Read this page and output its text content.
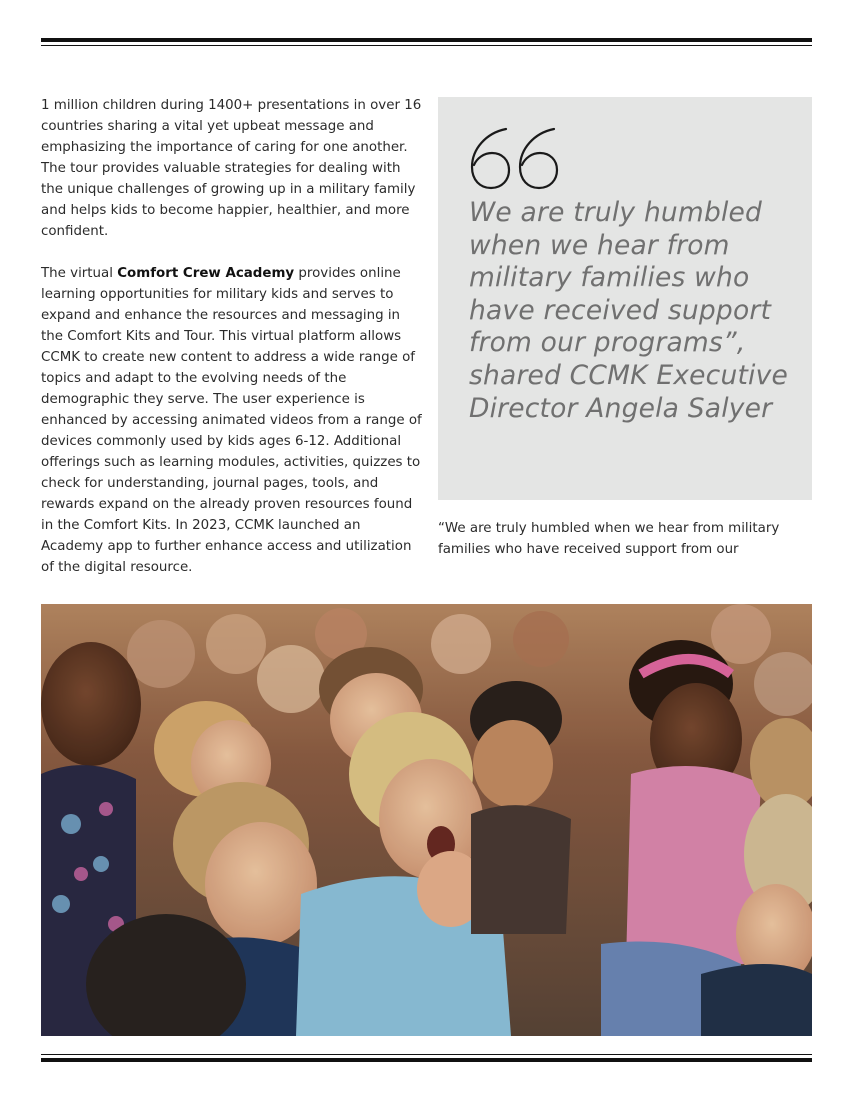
1 million children during 1400+ presentations in over 16 countries sharing a vital yet upbeat message and emphasizing the importance of caring for one another. The tour provides valuable strategies for dealing with the unique challenges of growing up in a military family and helps kids to become happier, healthier, and more confident.

The virtual Comfort Crew Academy provides online learning opportunities for military kids and serves to expand and enhance the resources and messaging in the Comfort Kits and Tour. This virtual platform allows CCMK to create new content to address a wide range of topics and adapt to the evolving needs of the demographic they serve. The user experience is enhanced by accessing animated videos from a range of devices commonly used by kids ages 6-12. Additional offerings such as learning modules, activities, quizzes to check for understanding, journal pages, tools, and rewards expand on the already proven resources found in the Comfort Kits. In 2023, CCMK launched an Academy app to further enhance access and utilization of the digital resource.

We are truly humbled when we hear from military families who have received support from our programs”, shared CCMK Executive Director Angela Salyer

“We are truly humbled when we hear from military families who have received support from our
